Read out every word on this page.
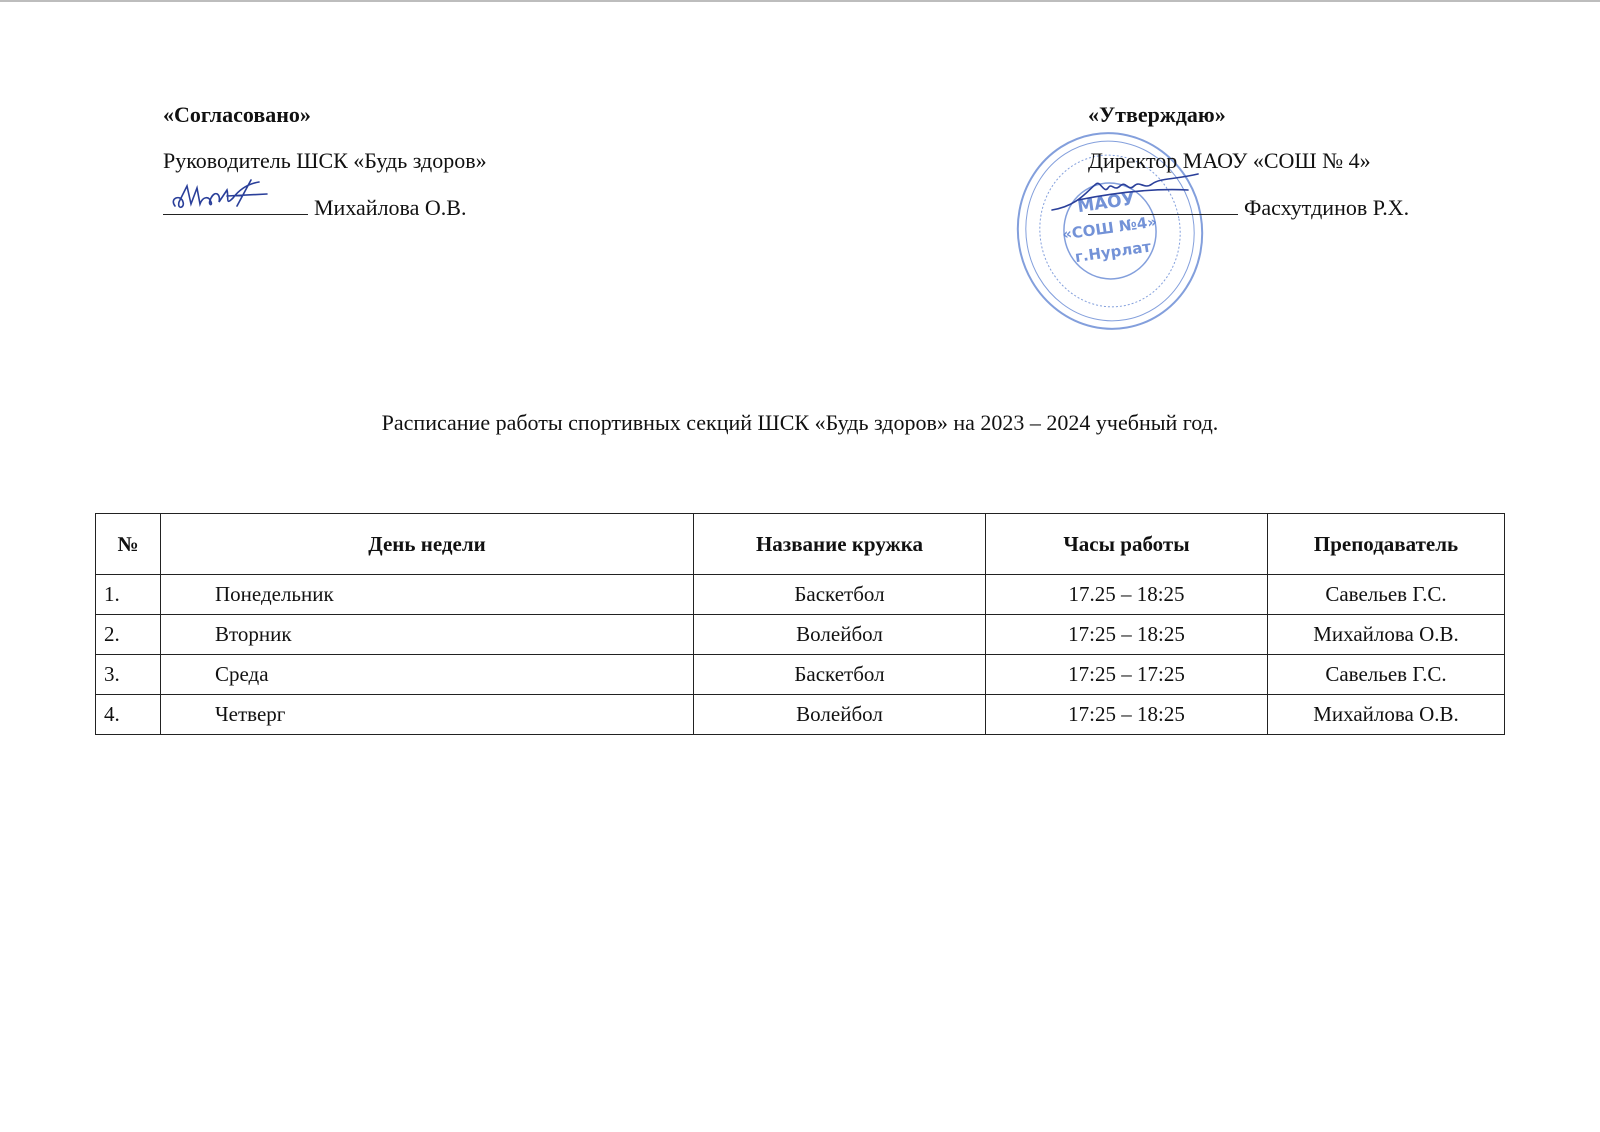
«Согласовано»
Руководитель ШСК «Будь здоров»
Михайлова О.В.	МАОУ
«СОШ №4»
г.Нурлат
«Утверждаю»
Директор МАОУ «СОШ № 4»
Фасхутдинов Р.Х.
Расписание работы спортивных секций ШСК «Будь здоров» на 2023 – 2024 учебный год.
№	День недели	Название кружка	Часы работы	Преподаватель
1.	Понедельник	Баскетбол	17.25 – 18:25	Савельев Г.С.
2.	Вторник	Волейбол	17:25 – 18:25	Михайлова О.В.
3.	Среда	Баскетбол	17:25 – 17:25	Савельев Г.С.
4.	Четверг	Волейбол	17:25 – 18:25	Михайлова О.В.
